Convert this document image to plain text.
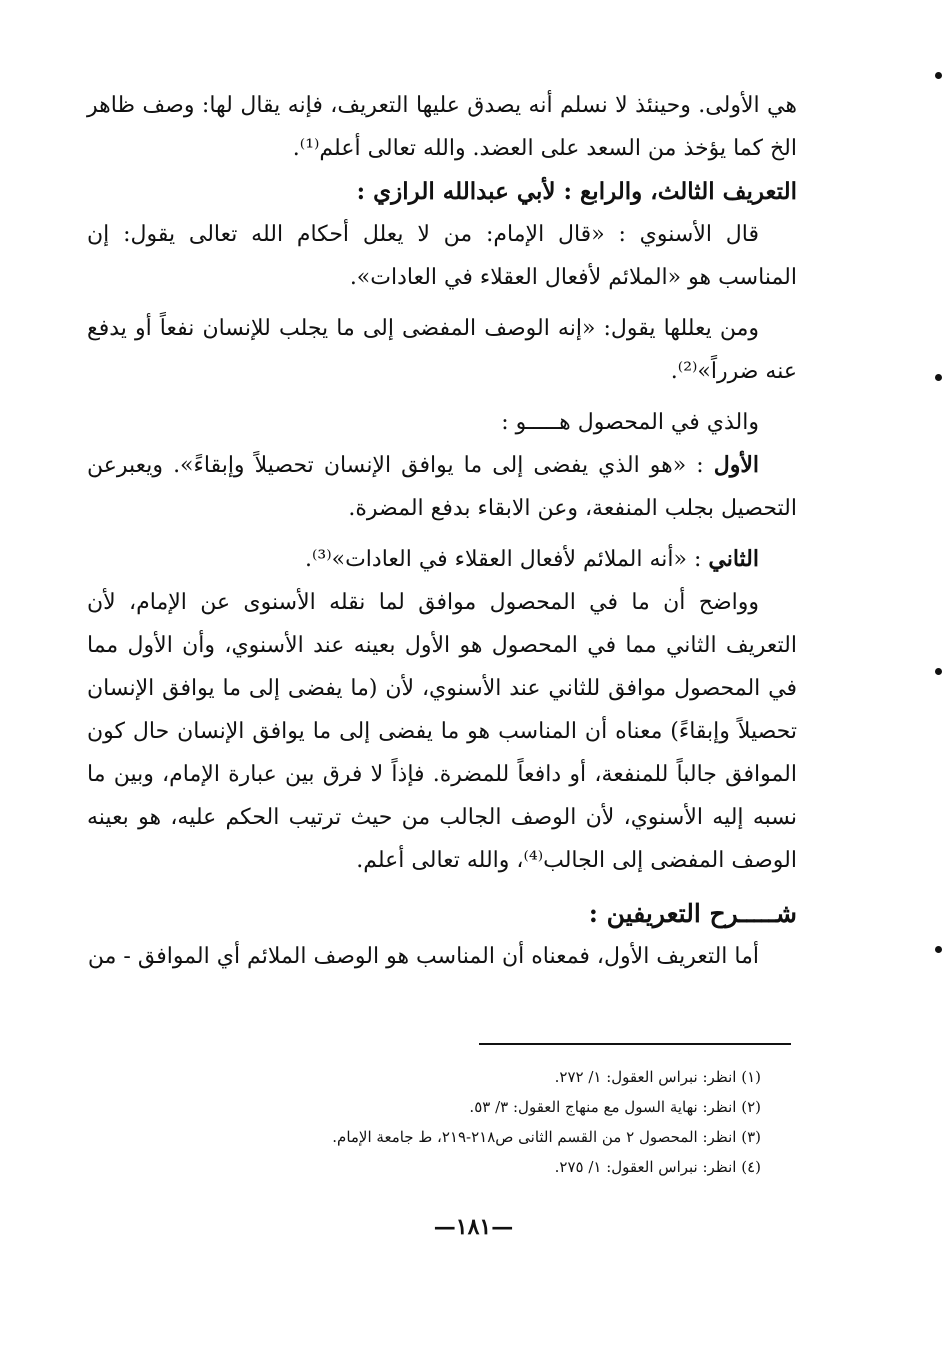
هي الأولى. وحينئذ لا نسلم أنه يصدق عليها التعريف، فإنه يقال لها: وصف ظاهر الخ كما يؤخذ من السعد على العضد. والله تعالى أعلم⁽¹⁾.

التعريف الثالث، والرابع : لأبي عبدالله الرازي :

قال الأسنوي : «قال الإمام: من لا يعلل أحكام الله تعالى يقول: إن المناسب هو «الملائم لأفعال العقلاء في العادات».

ومن يعللها يقول: «إنه الوصف المفضى إلى ما يجلب للإنسان نفعاً أو يدفع عنه ضرراً»⁽²⁾.

والذي في المحصول هـــــو :

الأول : «هو الذي يفضى إلى ما يوافق الإنسان تحصيلاً وإبقاءً». ويعبرعن التحصيل بجلب المنفعة، وعن الابقاء بدفع المضرة.

الثاني : «أنه الملائم لأفعال العقلاء في العادات»⁽³⁾.

وواضح أن ما في المحصول موافق لما نقله الأسنوى عن الإمام، لأن التعريف الثاني مما في المحصول هو الأول بعينه عند الأسنوي، وأن الأول مما في المحصول موافق للثاني عند الأسنوي، لأن (ما يفضى إلى ما يوافق الإنسان تحصيلاً وإبقاءً) معناه أن المناسب هو ما يفضى إلى ما يوافق الإنسان حال كون الموافق جالباً للمنفعة، أو دافعاً للمضرة. فإذاً لا فرق بين عبارة الإمام، وبين ما نسبه إليه الأسنوي، لأن الوصف الجالب من حيث ترتيب الحكم عليه، هو بعينه الوصف المفضى إلى الجالب⁽⁴⁾، والله تعالى أعلم.

شـــــرح التعريفين :

أما التعريف الأول، فمعناه أن المناسب هو الوصف الملائم أي الموافق - من

(١) انظر: نبراس العقول: ١/ ٢٧٢.
(٢) انظر: نهاية السول مع منهاج العقول: ٣/ ٥٣.
(٣) انظر: المحصول ٢ من القسم الثانى ص٢١٨-٢١٩، ط جامعة الإمام.
(٤) انظر: نبراس العقول: ١/ ٢٧٥.
—١٨١—
